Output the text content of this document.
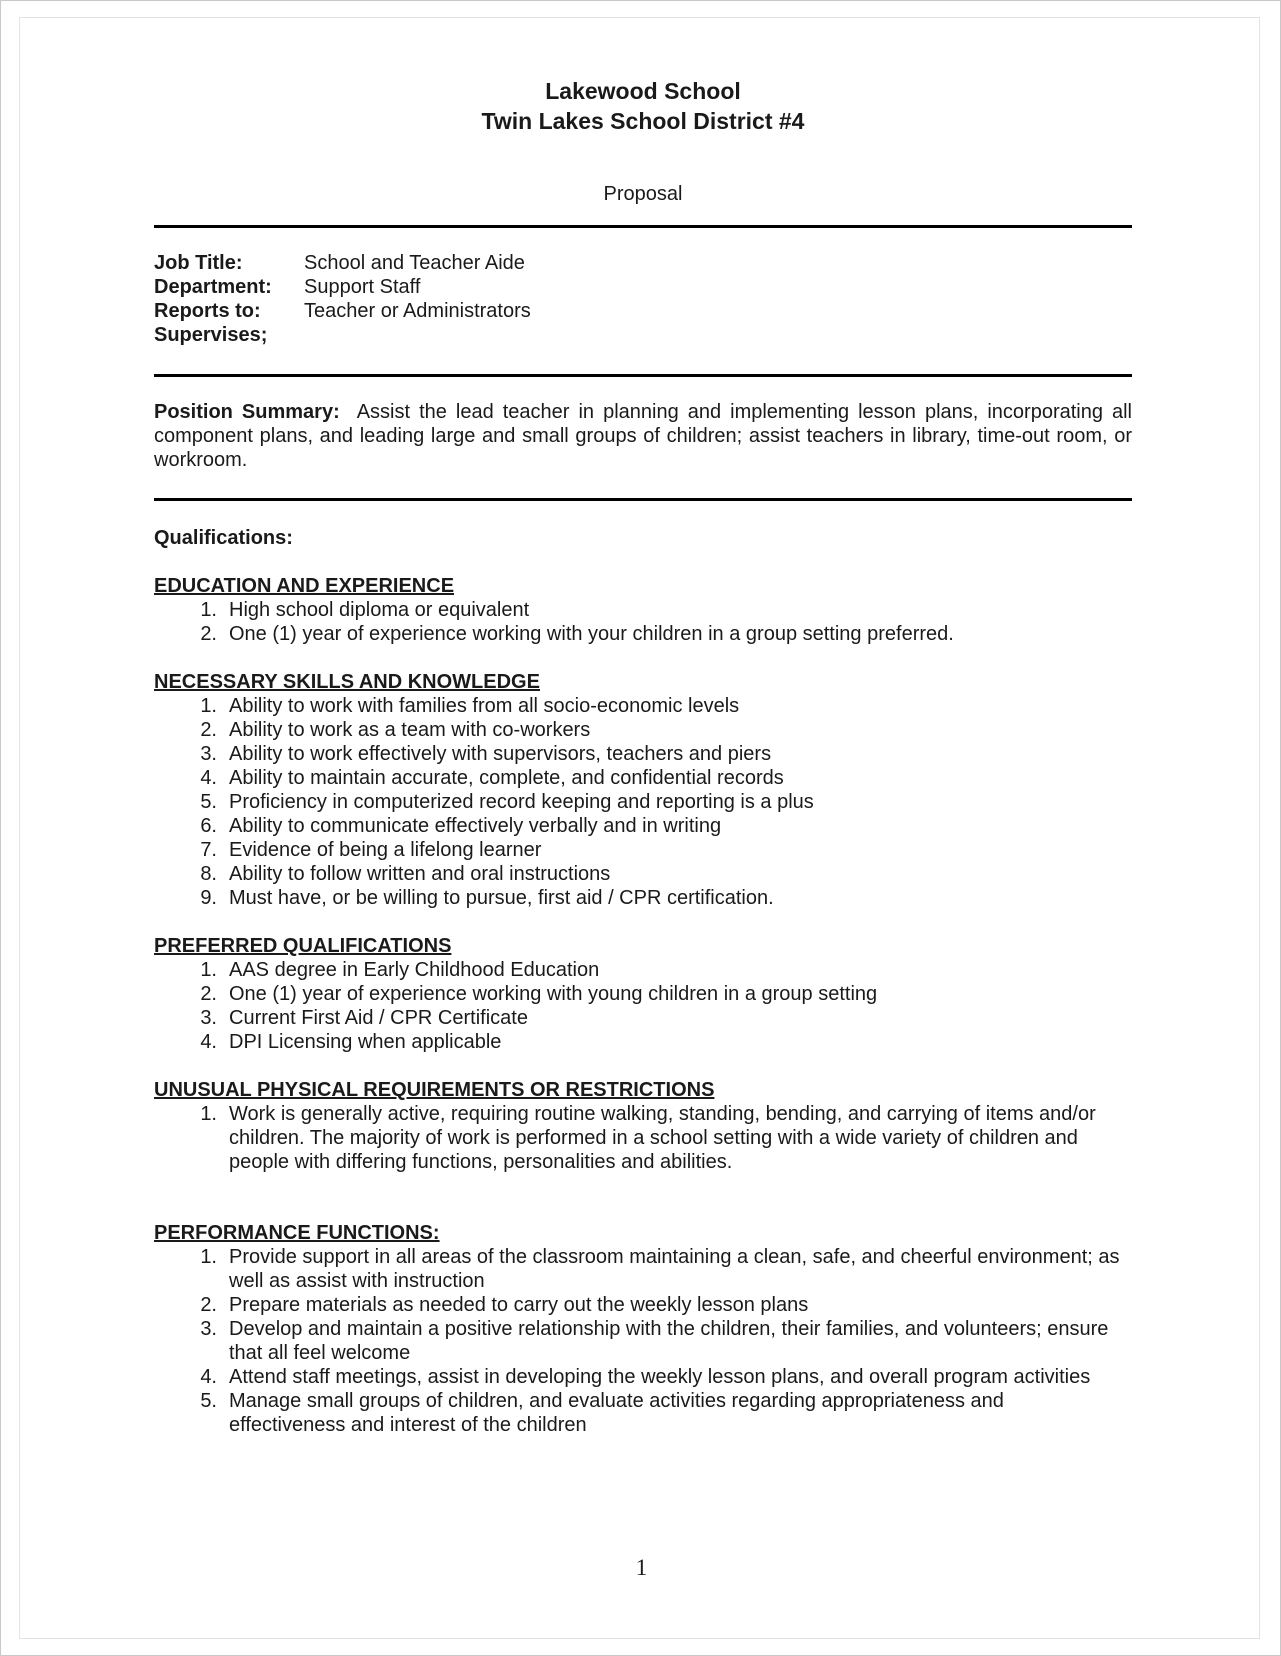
Lakewood School
Twin Lakes School District #4
Proposal
Job Title:	School and Teacher Aide
Department:	Support Staff
Reports to:	Teacher or Administrators
Supervises;
Position Summary: Assist the lead teacher in planning and implementing lesson plans, incorporating all component plans, and leading large and small groups of children; assist teachers in library, time-out room, or workroom.
Qualifications:
EDUCATION AND EXPERIENCE
1. High school diploma or equivalent
2. One (1) year of experience working with your children in a group setting preferred.
NECESSARY SKILLS AND KNOWLEDGE
1. Ability to work with families from all socio-economic levels
2. Ability to work as a team with co-workers
3. Ability to work effectively with supervisors, teachers and piers
4. Ability to maintain accurate, complete, and confidential records
5. Proficiency in computerized record keeping and reporting is a plus
6. Ability to communicate effectively verbally and in writing
7. Evidence of being a lifelong learner
8. Ability to follow written and oral instructions
9. Must have, or be willing to pursue, first aid / CPR certification.
PREFERRED QUALIFICATIONS
1. AAS degree in Early Childhood Education
2. One (1) year of experience working with young children in a group setting
3. Current First Aid / CPR Certificate
4. DPI Licensing when applicable
UNUSUAL PHYSICAL REQUIREMENTS OR RESTRICTIONS
1. Work is generally active, requiring routine walking, standing, bending, and carrying of items and/or children. The majority of work is performed in a school setting with a wide variety of children and people with differing functions, personalities and abilities.
PERFORMANCE FUNCTIONS:
1. Provide support in all areas of the classroom maintaining a clean, safe, and cheerful environment; as well as assist with instruction
2. Prepare materials as needed to carry out the weekly lesson plans
3. Develop and maintain a positive relationship with the children, their families, and volunteers; ensure that all feel welcome
4. Attend staff meetings, assist in developing the weekly lesson plans, and overall program activities
5. Manage small groups of children, and evaluate activities regarding appropriateness and effectiveness and interest of the children
1
